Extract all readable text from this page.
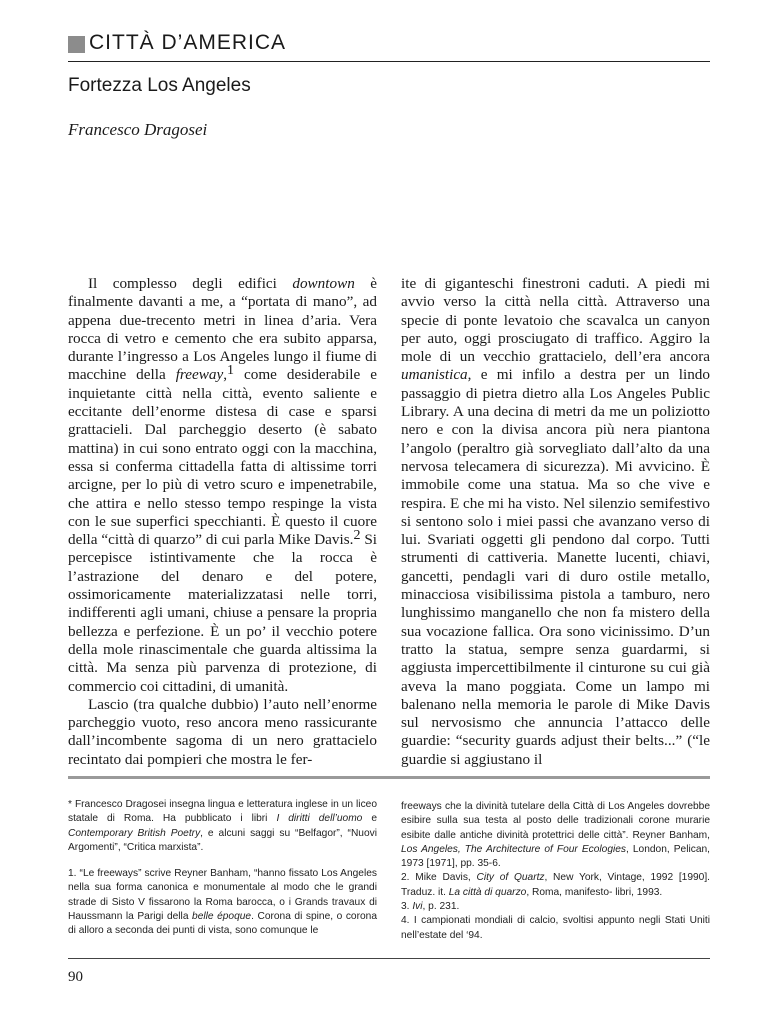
CITTÀ D’AMERICA
Fortezza Los Angeles
Francesco Dragosei

Il complesso degli edifici downtown è finalmente davanti a me, a “portata di mano”, ad appena due-trecento metri in linea d’aria. Vera rocca di vetro e cemento che era subito apparsa, durante l’ingresso a Los Angeles lungo il fiume di macchine della freeway,$^1$ come desiderabile e inquietante città nella città, evento saliente e eccitante dell’enorme distesa di case e sparsi grattacieli. Dal parcheggio deserto (è sabato mattina) in cui sono entrato oggi con la macchina, essa si conferma cittadella fatta di altissime torri arcigne, per lo più di vetro scuro e impenetrabile, che attira e nello stesso tempo respinge la vista con le sue superfici specchianti. È questo il cuore della “città di quarzo” di cui parla Mike Davis.$^2$ Si percepisce istintivamente che la rocca è l’astrazione del denaro e del potere, ossimoricamente materializzatasi nelle torri, indifferenti agli umani, chiuse a pensare la propria bellezza e perfezione. È un po’ il vecchio potere della mole rinascimentale che guarda altissima la città. Ma senza più parvenza di protezione, di commercio coi cittadini, di umanità.

Lascio (tra qualche dubbio) l’auto nell’enorme parcheggio vuoto, reso ancora meno rassicurante dall’incombente sagoma di un nero grattacielo recintato dai pompieri che mostra le fer-

ite di giganteschi finestroni caduti. A piedi mi avvio verso la città nella città. Attraverso una specie di ponte levatoio che scavalca un canyon per auto, oggi prosciugato di traffico. Aggiro la mole di un vecchio grattacielo, dell’era ancora umanistica, e mi infilo a destra per un lindo passaggio di pietra dietro alla Los Angeles Public Library. A una decina di metri da me un poliziotto nero e con la divisa ancora più nera piantona l’angolo (peraltro già sorvegliato dall’alto da una nervosa telecamera di sicurezza). Mi avvicino. È immobile come una statua. Ma so che vive e respira. E che mi ha visto. Nel silenzio semifestivo si sentono solo i miei passi che avanzano verso di lui. Svariati oggetti gli pendono dal corpo. Tutti strumenti di cattiveria. Manette lucenti, chiavi, gancetti, pendagli vari di duro ostile metallo, minacciosa visibilissima pistola a tamburo, nero lunghissimo manganello che non fa mistero della sua vocazione fallica. Ora sono vicinissimo. D’un tratto la statua, sempre senza guardarmi, si aggiusta impercettibilmente il cinturone su cui già aveva la mano poggiata. Come un lampo mi balenano nella memoria le parole di Mike Davis sul nervosismo che annuncia l’attacco delle guardie: “security guards adjust their belts...” (“le guardie si aggiustano il

* Francesco Dragosei insegna lingua e letteratura inglese in un liceo statale di Roma. Ha pubblicato i libri I diritti dell’uomo e Contemporary British Poetry, e alcuni saggi su “Belfagor”, “Nuovi Argomenti”, “Critica marxista”.

1. “Le freeways” scrive Reyner Banham, “hanno fissato Los Angeles nella sua forma canonica e monumentale al modo che le grandi strade di Sisto V fissarono la Roma barocca, o i Grands travaux di Haussmann la Parigi della belle époque. Corona di spine, o corona di alloro a seconda dei punti di vista, sono comunque le

freeways che la divinità tutelare della Città di Los Angeles dovrebbe esibire sulla sua testa al posto delle tradizionali corone murarie esibite dalle antiche divinità protettrici delle città”. Reyner Banham, Los Angeles, The Architecture of Four Ecologies, London, Pelican, 1973 [1971], pp. 35-6.

2. Mike Davis, City of Quartz, New York, Vintage, 1992 [1990]. Traduz. it. La città di quarzo, Roma, manifesto- libri, 1993.

3. Ivi, p. 231.

4. I campionati mondiali di calcio, svoltisi appunto negli Stati Uniti nell’estate del ‘94.

90
